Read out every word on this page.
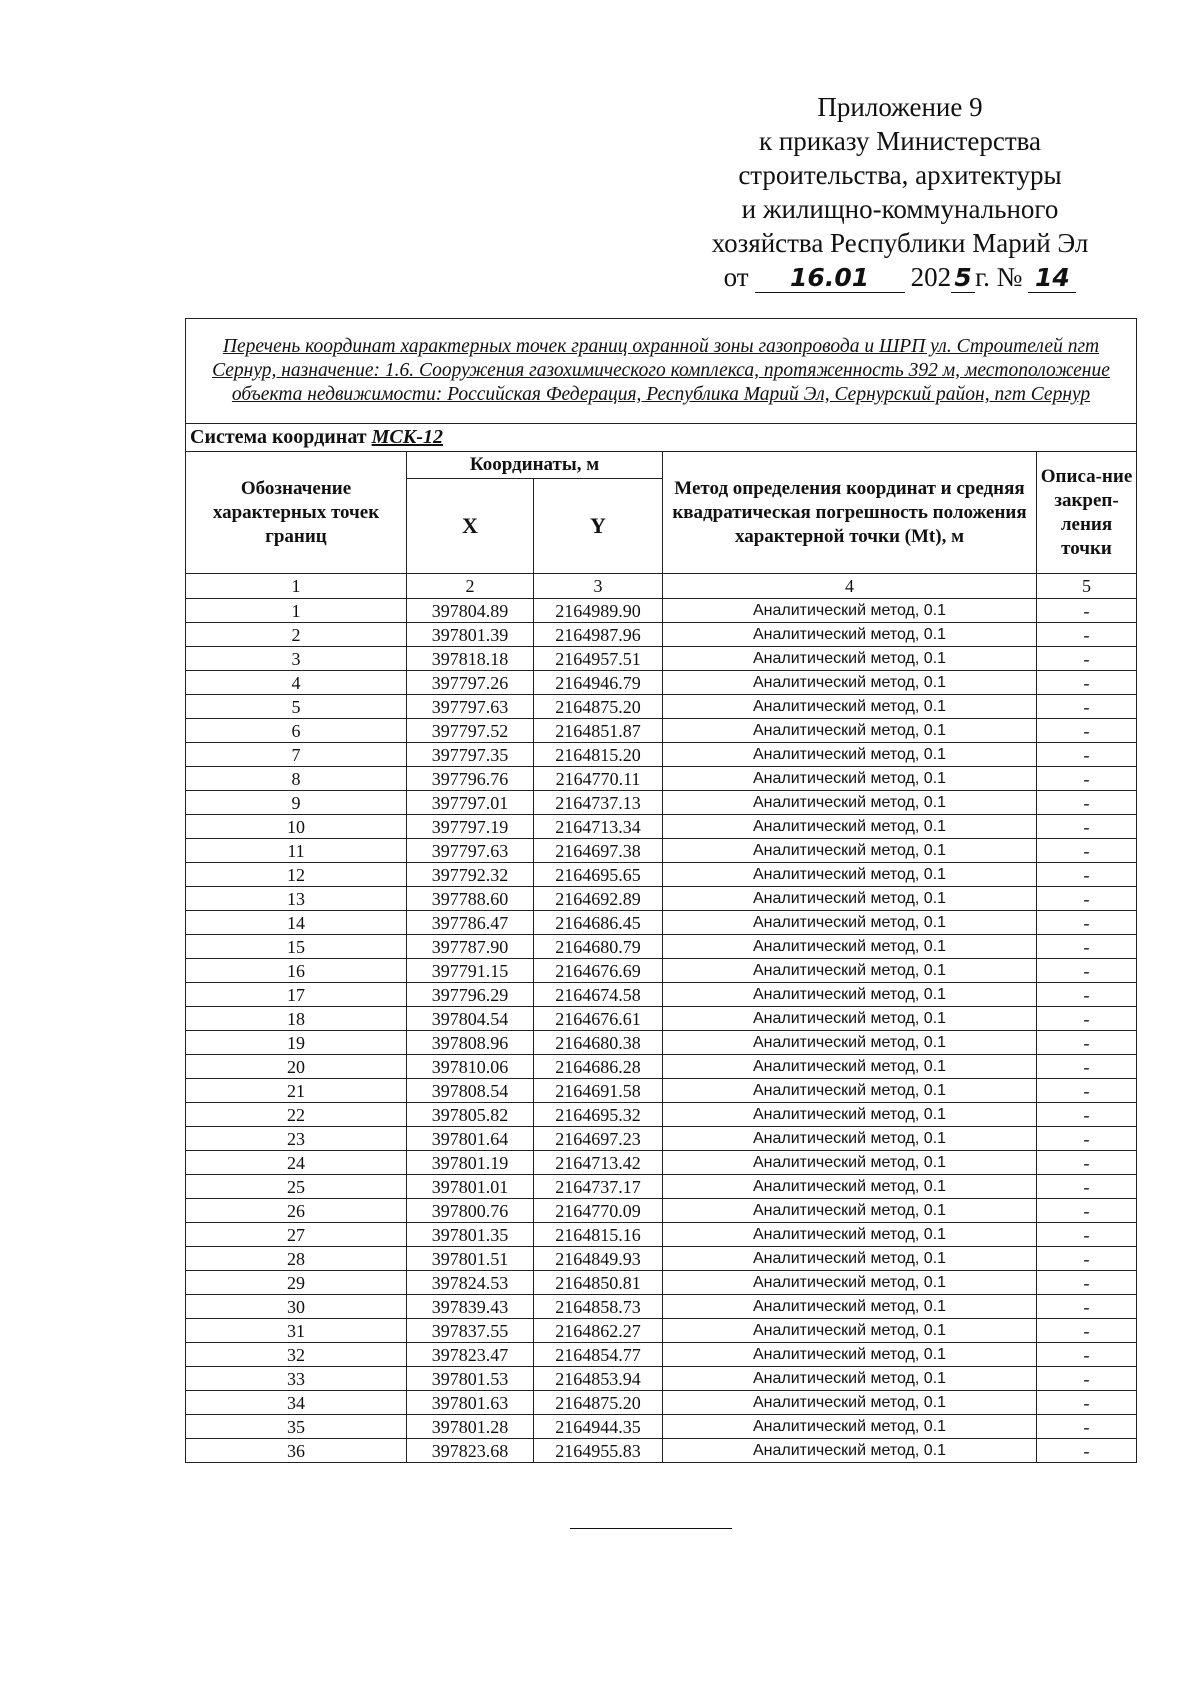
Приложение 9
к приказу Министерства
строительства, архитектуры
и жилищно-коммунального
хозяйства Республики Марий Эл
от	16.01	202 5 г. № 14
Перечень координат характерных точек границ охранной зоны газопровода и ШРП ул. Строителей пгт Сернур, назначение: 1.6. Сооружения газохимического комплекса, протяженность 392 м, местоположение объекта недвижимости: Российская Федерация, Республика Марий Эл, Сернурский район, пгт Сернур				
Система координат МСК-12				
Обозначение характерных точек границ	Координаты, м		Метод определения координат и средняя квадратическая погрешность положения характерной точки (Mt), м	Описа-ние закреп-ления точки
	X	Y		
1	2	3	4	5
1	397804.89	2164989.90	Аналитический метод, 0.1	-
2	397801.39	2164987.96	Аналитический метод, 0.1	-
3	397818.18	2164957.51	Аналитический метод, 0.1	-
4	397797.26	2164946.79	Аналитический метод, 0.1	-
5	397797.63	2164875.20	Аналитический метод, 0.1	-
6	397797.52	2164851.87	Аналитический метод, 0.1	-
7	397797.35	2164815.20	Аналитический метод, 0.1	-
8	397796.76	2164770.11	Аналитический метод, 0.1	-
9	397797.01	2164737.13	Аналитический метод, 0.1	-
10	397797.19	2164713.34	Аналитический метод, 0.1	-
11	397797.63	2164697.38	Аналитический метод, 0.1	-
12	397792.32	2164695.65	Аналитический метод, 0.1	-
13	397788.60	2164692.89	Аналитический метод, 0.1	-
14	397786.47	2164686.45	Аналитический метод, 0.1	-
15	397787.90	2164680.79	Аналитический метод, 0.1	-
16	397791.15	2164676.69	Аналитический метод, 0.1	-
17	397796.29	2164674.58	Аналитический метод, 0.1	-
18	397804.54	2164676.61	Аналитический метод, 0.1	-
19	397808.96	2164680.38	Аналитический метод, 0.1	-
20	397810.06	2164686.28	Аналитический метод, 0.1	-
21	397808.54	2164691.58	Аналитический метод, 0.1	-
22	397805.82	2164695.32	Аналитический метод, 0.1	-
23	397801.64	2164697.23	Аналитический метод, 0.1	-
24	397801.19	2164713.42	Аналитический метод, 0.1	-
25	397801.01	2164737.17	Аналитический метод, 0.1	-
26	397800.76	2164770.09	Аналитический метод, 0.1	-
27	397801.35	2164815.16	Аналитический метод, 0.1	-
28	397801.51	2164849.93	Аналитический метод, 0.1	-
29	397824.53	2164850.81	Аналитический метод, 0.1	-
30	397839.43	2164858.73	Аналитический метод, 0.1	-
31	397837.55	2164862.27	Аналитический метод, 0.1	-
32	397823.47	2164854.77	Аналитический метод, 0.1	-
33	397801.53	2164853.94	Аналитический метод, 0.1	-
34	397801.63	2164875.20	Аналитический метод, 0.1	-
35	397801.28	2164944.35	Аналитический метод, 0.1	-
36	397823.68	2164955.83	Аналитический метод, 0.1	-
